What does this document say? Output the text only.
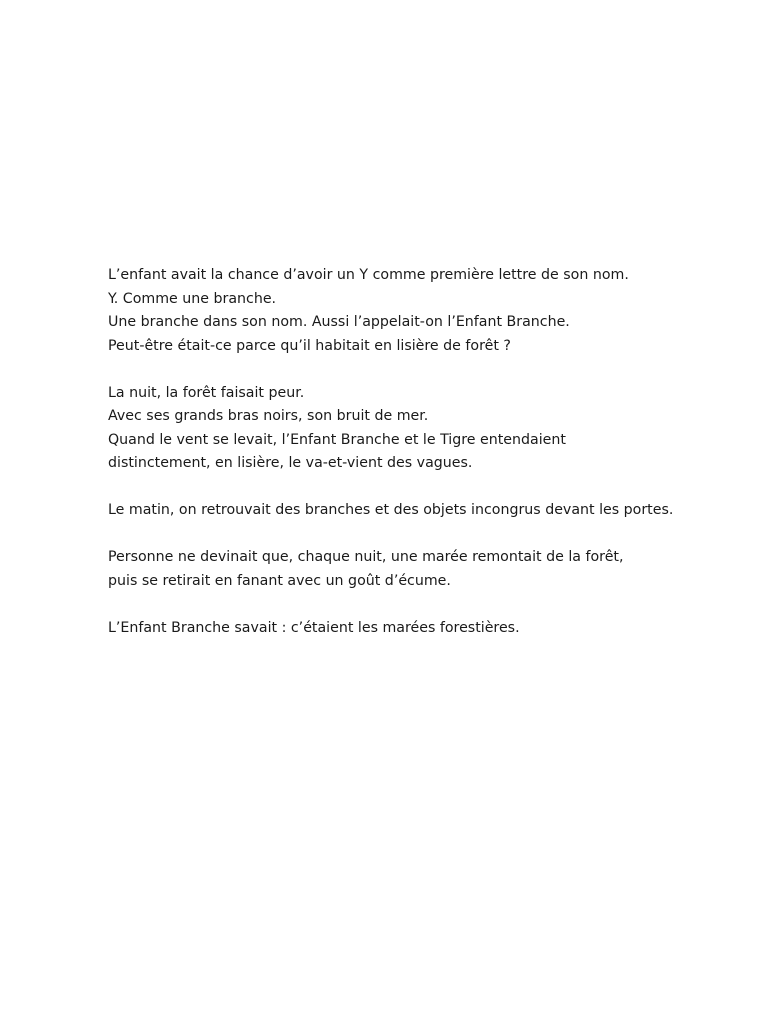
L’enfant avait la chance d’avoir un Y comme première lettre de son nom.
Y. Comme une branche.
Une branche dans son nom. Aussi l’appelait-on l’Enfant Branche.
Peut-être était-ce parce qu’il habitait en lisière de forêt ?

La nuit, la forêt faisait peur.
Avec ses grands bras noirs, son bruit de mer.
Quand le vent se levait, l’Enfant Branche et le Tigre entendaient
distinctement, en lisière, le va-et-vient des vagues.

Le matin, on retrouvait des branches et des objets incongrus devant les portes.

Personne ne devinait que, chaque nuit, une marée remontait de la forêt,
puis se retirait en fanant avec un goût d’écume.

L’Enfant Branche savait : c’étaient les marées forestières.
